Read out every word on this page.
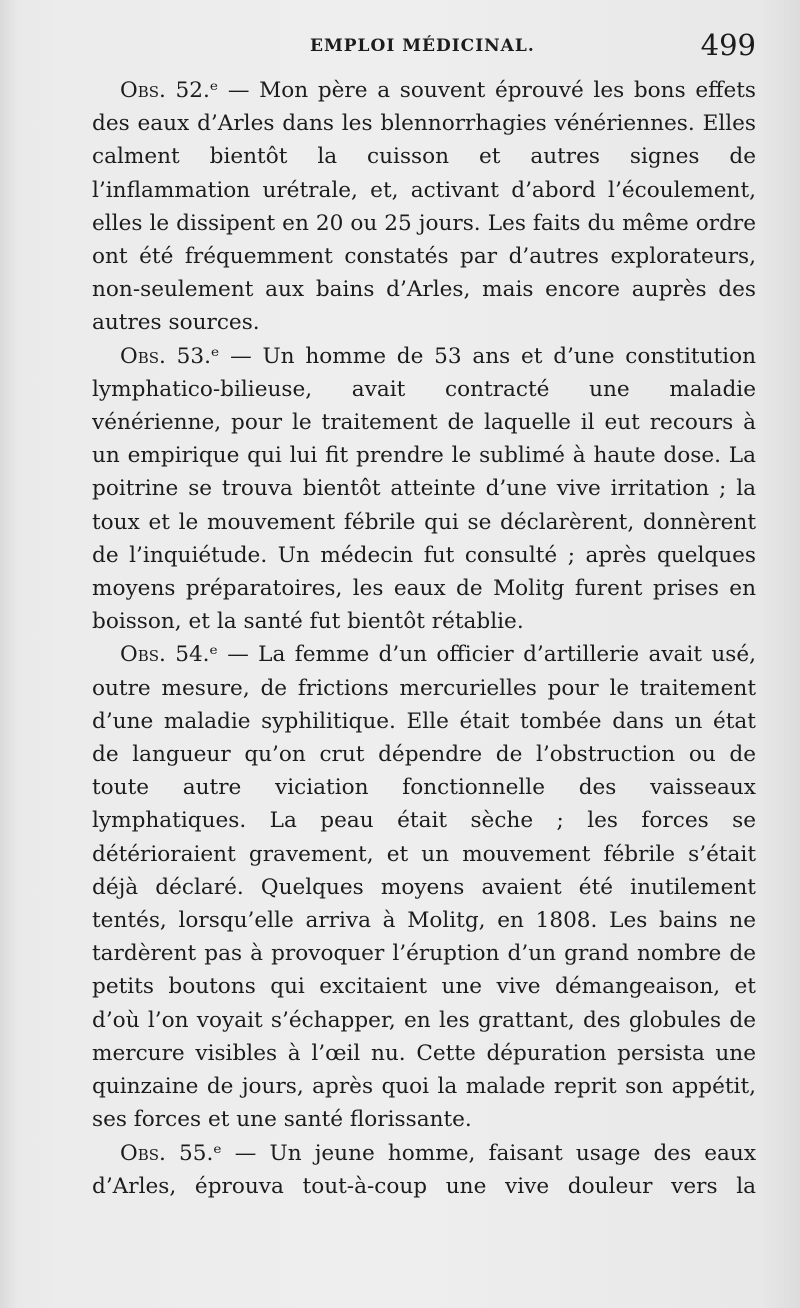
EMPLOI MÉDICINAL.	499

Obs. 52.ᵉ — Mon père a souvent éprouvé les bons effets des eaux d’Arles dans les blennorrhagies vénériennes. Elles calment bientôt la cuisson et autres signes de l’inflammation urétrale, et, activant d’abord l’écoulement, elles le dissipent en 20 ou 25 jours. Les faits du même ordre ont été fréquemment constatés par d’autres explorateurs, non-seulement aux bains d’Arles, mais encore auprès des autres sources.

Obs. 53.ᵉ — Un homme de 53 ans et d’une constitution lymphatico-bilieuse, avait contracté une maladie vénérienne, pour le traitement de laquelle il eut recours à un empirique qui lui fit prendre le sublimé à haute dose. La poitrine se trouva bientôt atteinte d’une vive irritation ; la toux et le mouvement fébrile qui se déclarèrent, donnèrent de l’inquiétude. Un médecin fut consulté ; après quelques moyens préparatoires, les eaux de Molitg furent prises en boisson, et la santé fut bientôt rétablie.

Obs. 54.ᵉ — La femme d’un officier d’artillerie avait usé, outre mesure, de frictions mercurielles pour le traitement d’une maladie syphilitique. Elle était tombée dans un état de langueur qu’on crut dépendre de l’obstruction ou de toute autre viciation fonctionnelle des vaisseaux lymphatiques. La peau était sèche ; les forces se détérioraient gravement, et un mouvement fébrile s’était déjà déclaré. Quelques moyens avaient été inutilement tentés, lorsqu’elle arriva à Molitg, en 1808. Les bains ne tardèrent pas à provoquer l’éruption d’un grand nombre de petits boutons qui excitaient une vive démangeaison, et d’où l’on voyait s’échapper, en les grattant, des globules de mercure visibles à l’œil nu. Cette dépuration persista une quinzaine de jours, après quoi la malade reprit son appétit, ses forces et une santé florissante.

Obs. 55.ᵉ — Un jeune homme, faisant usage des eaux d’Arles, éprouva tout-à-coup une vive douleur vers la
